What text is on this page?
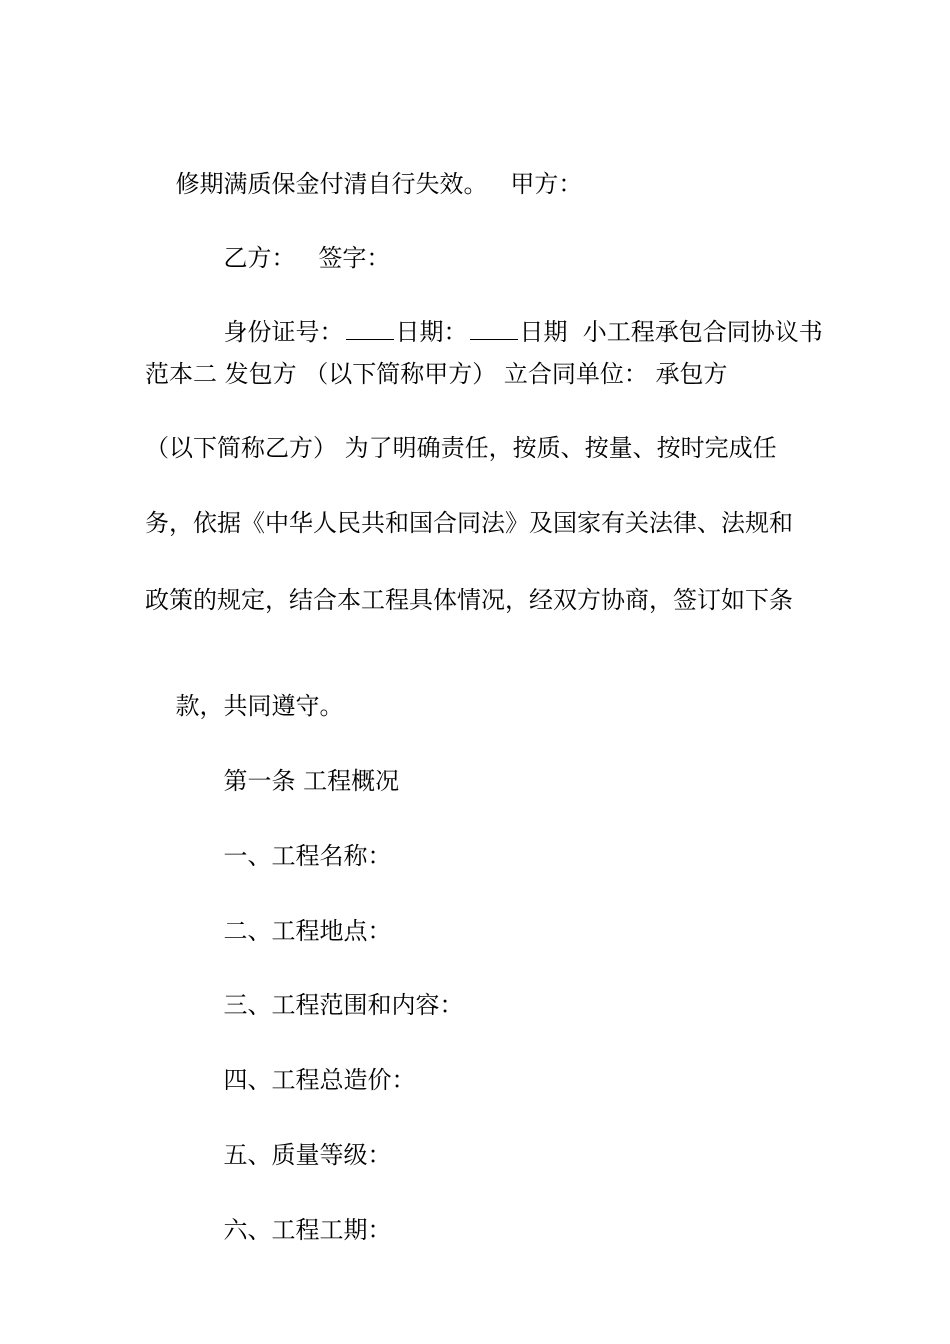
修期满质保金付清自行失效。   甲方：

乙方：   签字：

身份证号： 日期： 日期  小工程承包合同协议书

范本二 发包方 （以下简称甲方） 立合同单位： 承包方
（以下简称乙方） 为了明确责任，按质、按量、按时完成任
务，依据《中华人民共和国合同法》及国家有关法律、法规和
政策的规定，结合本工程具体情况，经双方协商，签订如下条

款，共同遵守。

第一条 工程概况

一、工程名称：

二、工程地点：

三、工程范围和内容：

四、工程总造价：

五、质量等级：

六、工程工期：
